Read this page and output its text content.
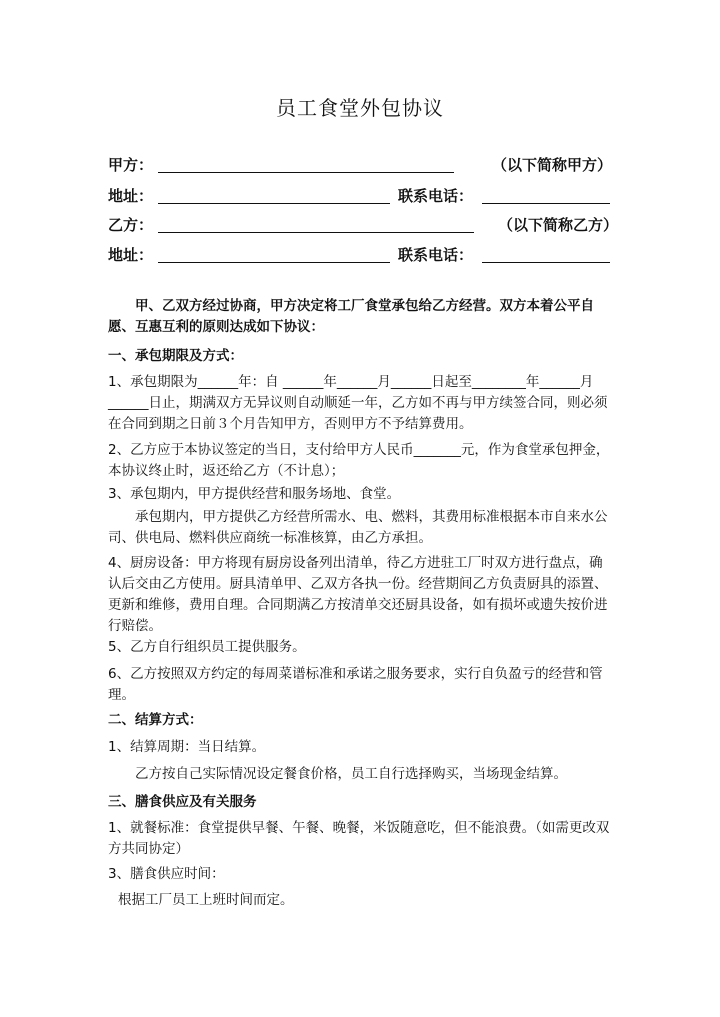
员工食堂外包协议
甲方：	（以下简称甲方）
地址：	联系电话：
乙方：	（以下简称乙方）
地址：	联系电话：
甲、乙双方经过协商，甲方决定将工厂食堂承包给乙方经营。双方本着公平自愿、互惠互利的原则达成如下协议：
一、承包期限及方式：
1、承包期限为______年：自 ______年______月______日起至________年______月______日止，期满双方无异议则自动顺延一年，乙方如不再与甲方续签合同，则必须在合同到期之日前３个月告知甲方，否则甲方不予结算费用。
2、乙方应于本协议签定的当日，支付给甲方人民币_______元，作为食堂承包押金，本协议终止时，返还给乙方（不计息）；
3、承包期内，甲方提供经营和服务场地、食堂。
承包期内，甲方提供乙方经营所需水、电、燃料，其费用标准根据本市自来水公司、供电局、燃料供应商统一标准核算，由乙方承担。
4、厨房设备：甲方将现有厨房设备列出清单，待乙方进驻工厂时双方进行盘点，确认后交由乙方使用。厨具清单甲、乙双方各执一份。经营期间乙方负责厨具的添置、更新和维修，费用自理。合同期满乙方按清单交还厨具设备，如有损坏或遗失按价进行赔偿。
5、乙方自行组织员工提供服务。
6、乙方按照双方约定的每周菜谱标准和承诺之服务要求，实行自负盈亏的经营和管理。
二、结算方式：
1、结算周期：当日结算。
乙方按自己实际情况设定餐食价格，员工自行选择购买，当场现金结算。
三、膳食供应及有关服务
1、就餐标准：食堂提供早餐、午餐、晚餐，米饭随意吃，但不能浪费。（如需更改双方共同协定）
3、膳食供应时间：
根据工厂员工上班时间而定。
